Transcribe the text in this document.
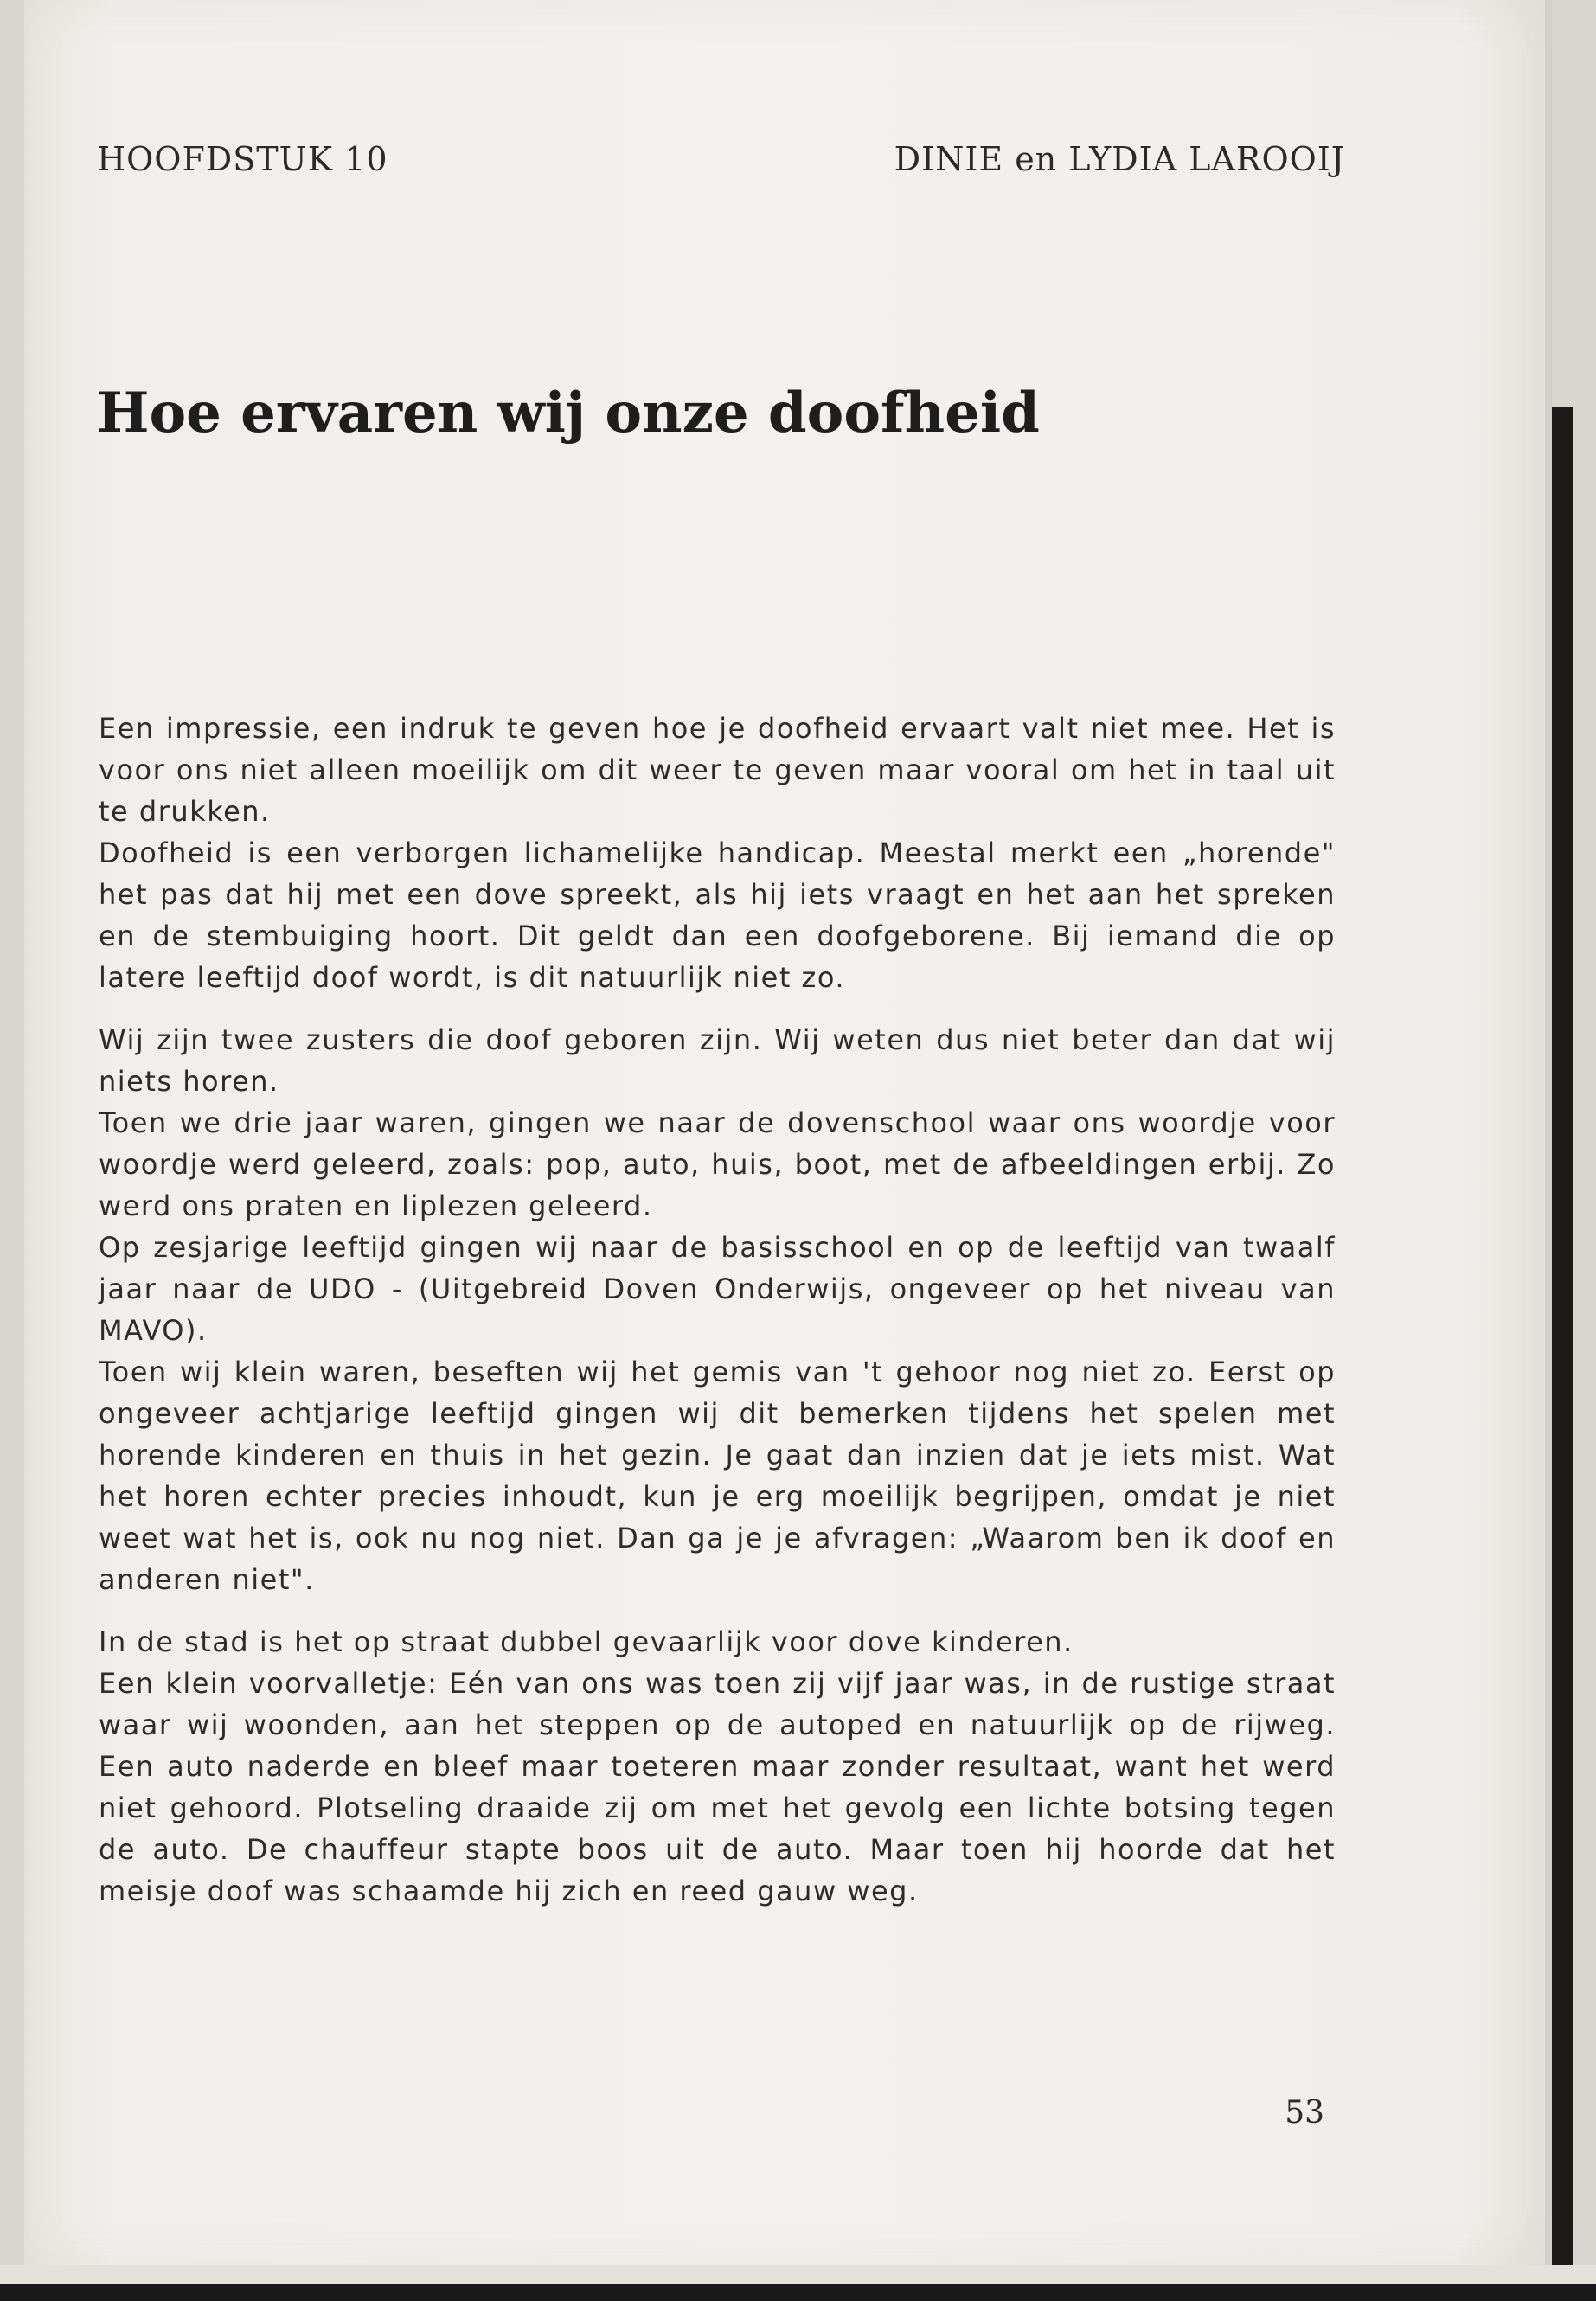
HOOFDSTUK 10	DINIE en LYDIA LAROOIJ
Hoe ervaren wij onze doofheid

Een impressie, een indruk te geven hoe je doofheid ervaart valt niet mee. Het is voor ons niet alleen moeilijk om dit weer te geven maar vooral om het in taal uit te drukken.

Doofheid is een verborgen lichamelijke handicap. Meestal merkt een „horende" het pas dat hij met een dove spreekt, als hij iets vraagt en het aan het spreken en de stembuiging hoort. Dit geldt dan een doofgeborene. Bij iemand die op latere leeftijd doof wordt, is dit natuurlijk niet zo.

Wij zijn twee zusters die doof geboren zijn. Wij weten dus niet beter dan dat wij niets horen.

Toen we drie jaar waren, gingen we naar de dovenschool waar ons woordje voor woordje werd geleerd, zoals: pop, auto, huis, boot, met de afbeeldingen erbij. Zo werd ons praten en liplezen geleerd.

Op zesjarige leeftijd gingen wij naar de basisschool en op de leeftijd van twaalf jaar naar de UDO - (Uitgebreid Doven Onderwijs, ongeveer op het niveau van MAVO).

Toen wij klein waren, beseften wij het gemis van 't gehoor nog niet zo. Eerst op ongeveer achtjarige leeftijd gingen wij dit bemerken tijdens het spelen met horende kinderen en thuis in het gezin. Je gaat dan inzien dat je iets mist. Wat het horen echter precies inhoudt, kun je erg moeilijk begrijpen, omdat je niet weet wat het is, ook nu nog niet. Dan ga je je afvragen: „Waarom ben ik doof en anderen niet".

In de stad is het op straat dubbel gevaarlijk voor dove kinderen.

Een klein voorvalletje: Eén van ons was toen zij vijf jaar was, in de rustige straat waar wij woonden, aan het steppen op de autoped en natuurlijk op de rijweg. Een auto naderde en bleef maar toeteren maar zonder resultaat, want het werd niet gehoord. Plotseling draaide zij om met het gevolg een lichte botsing tegen de auto. De chauffeur stapte boos uit de auto. Maar toen hij hoorde dat het meisje doof was schaamde hij zich en reed gauw weg.

53
